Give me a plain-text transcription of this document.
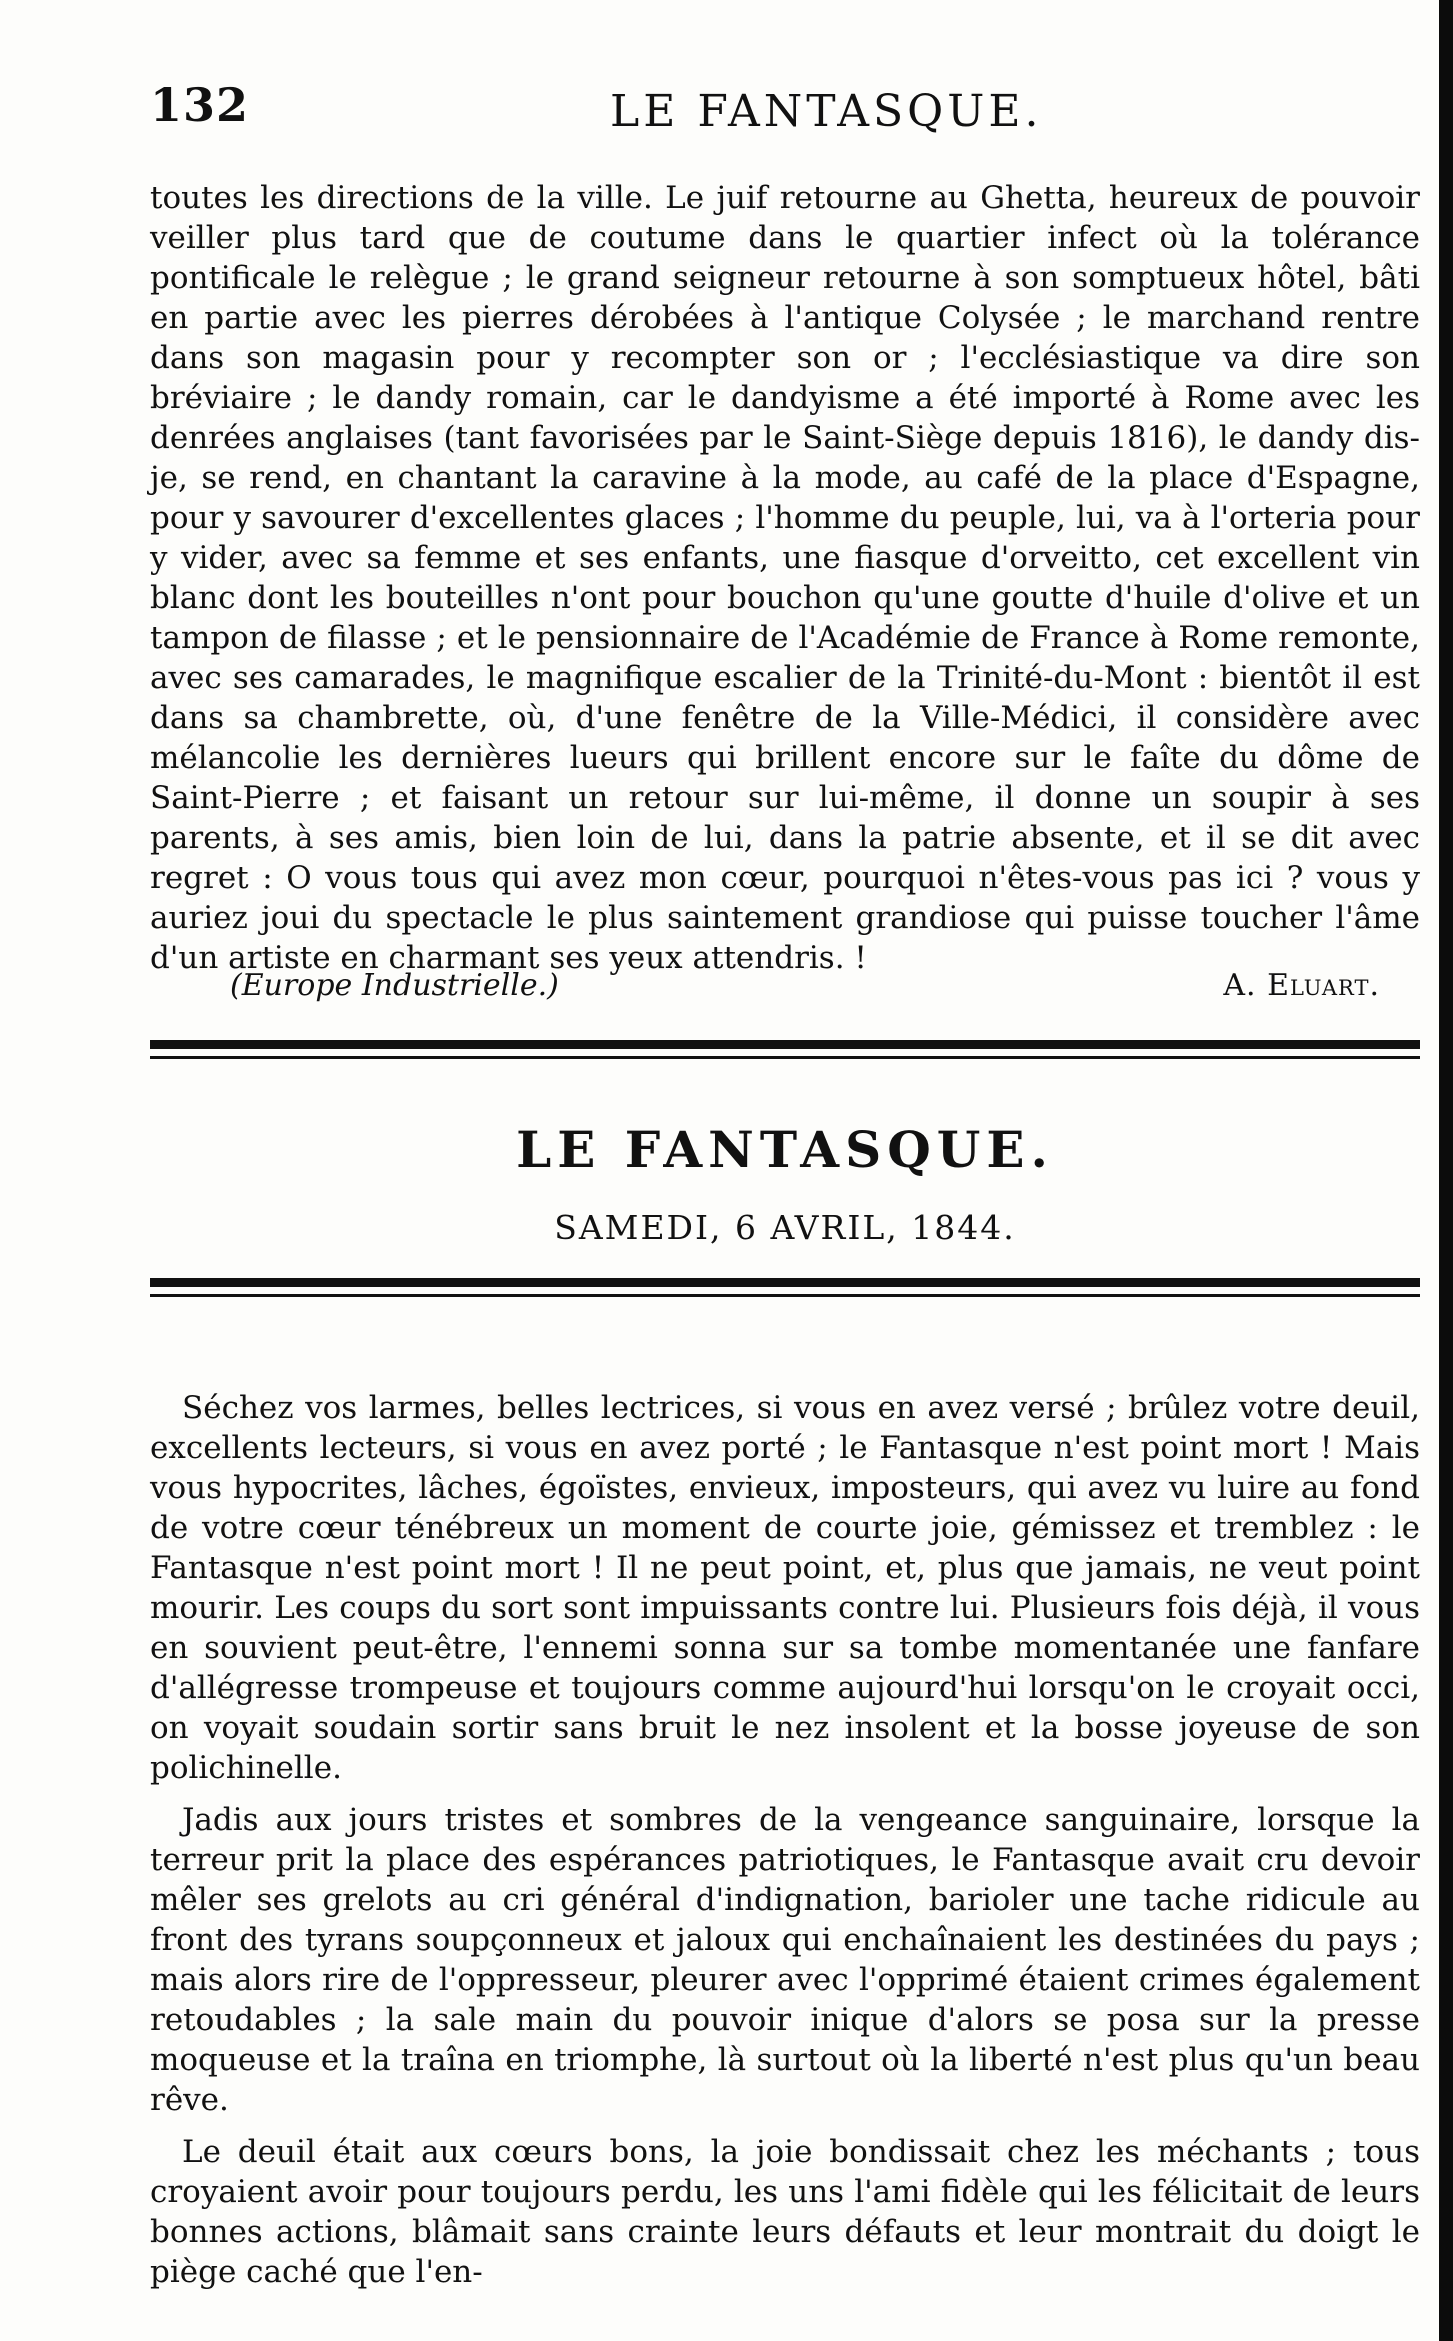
132	LE FANTASQUE.

toutes les directions de la ville. Le juif retourne au Ghetta, heureux de pouvoir veiller plus tard que de coutume dans le quartier infect où la tolérance pontificale le relègue ; le grand seigneur retourne à son somptueux hôtel, bâti en partie avec les pierres dérobées à l'antique Colysée ; le marchand rentre dans son magasin pour y recompter son or ; l'ecclésiastique va dire son bréviaire ; le dandy romain, car le dandyisme a été importé à Rome avec les denrées anglaises (tant favorisées par le Saint-Siège depuis 1816), le dandy dis-je, se rend, en chantant la caravine à la mode, au café de la place d'Espagne, pour y savourer d'excellentes glaces ; l'homme du peuple, lui, va à l'orteria pour y vider, avec sa femme et ses enfants, une fiasque d'orveitto, cet excellent vin blanc dont les bouteilles n'ont pour bouchon qu'une goutte d'huile d'olive et un tampon de filasse ; et le pensionnaire de l'Académie de France à Rome remonte, avec ses camarades, le magnifique escalier de la Trinité-du-Mont : bientôt il est dans sa chambrette, où, d'une fenêtre de la Ville-Médici, il considère avec mélancolie les dernières lueurs qui brillent encore sur le faîte du dôme de Saint-Pierre ; et faisant un retour sur lui-même, il donne un soupir à ses parents, à ses amis, bien loin de lui, dans la patrie absente, et il se dit avec regret : O vous tous qui avez mon cœur, pourquoi n'êtes-vous pas ici ? vous y auriez joui du spectacle le plus saintement grandiose qui puisse toucher l'âme d'un artiste en charmant ses yeux attendris. !

(Europe Industrielle.)	A. Eluart.
LE FANTASQUE.
SAMEDI, 6 AVRIL, 1844.

Séchez vos larmes, belles lectrices, si vous en avez versé ; brûlez votre deuil, excellents lecteurs, si vous en avez porté ; le Fantasque n'est point mort ! Mais vous hypocrites, lâches, égoïstes, envieux, imposteurs, qui avez vu luire au fond de votre cœur ténébreux un moment de courte joie, gémissez et tremblez : le Fantasque n'est point mort ! Il ne peut point, et, plus que jamais, ne veut point mourir. Les coups du sort sont impuissants contre lui. Plusieurs fois déjà, il vous en souvient peut-être, l'ennemi sonna sur sa tombe momentanée une fanfare d'allégresse trompeuse et toujours comme aujourd'hui lorsqu'on le croyait occi, on voyait soudain sortir sans bruit le nez insolent et la bosse joyeuse de son polichinelle.

Jadis aux jours tristes et sombres de la vengeance sanguinaire, lorsque la terreur prit la place des espérances patriotiques, le Fantasque avait cru devoir mêler ses grelots au cri général d'indignation, barioler une tache ridicule au front des tyrans soupçonneux et jaloux qui enchaînaient les destinées du pays ; mais alors rire de l'oppresseur, pleurer avec l'opprimé étaient crimes également retoudables ; la sale main du pouvoir inique d'alors se posa sur la presse moqueuse et la traîna en triomphe, là surtout où la liberté n'est plus qu'un beau rêve.

Le deuil était aux cœurs bons, la joie bondissait chez les méchants ; tous croyaient avoir pour toujours perdu, les uns l'ami fidèle qui les félicitait de leurs bonnes actions, blâmait sans crainte leurs défauts et leur montrait du doigt le piège caché que l'en-
